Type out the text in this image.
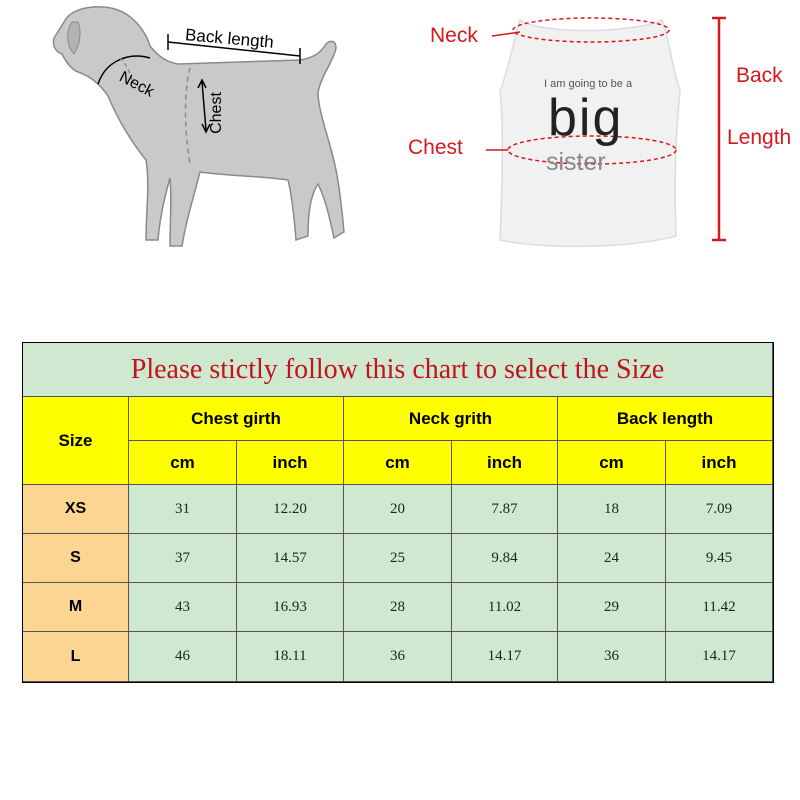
Back length
Neck
Chest
I am going to be a
big
sister
Neck
Chest
Back
Length
Please stictly follow this chart to select the Size
Size
Chest girth	Neck grith	Back length
cm	inch	cm	inch	cm	inch
XS	31	12.20	20	7.87	18	7.09
S	37	14.57	25	9.84	24	9.45
M	43	16.93	28	11.02	29	11.42
L	46	18.11	36	14.17	36	14.17
